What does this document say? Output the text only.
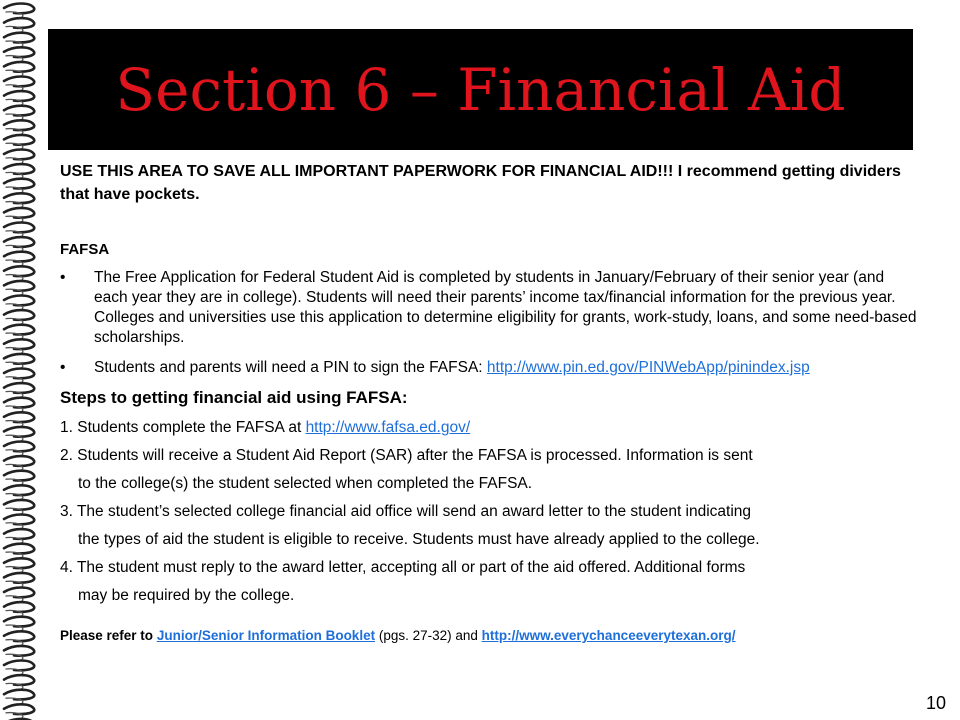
Section 6 – Financial Aid

USE THIS AREA TO SAVE ALL IMPORTANT PAPERWORK FOR FINANCIAL AID!!! I recommend getting dividers that have pockets.

FAFSA
• The Free Application for Federal Student Aid is completed by students in January/February of their senior year (and each year they are in college). Students will need their parents’ income tax/financial information for the previous year. Colleges and universities use this application to determine eligibility for grants, work-study, loans, and some need-based scholarships.
• Students and parents will need a PIN to sign the FAFSA: http://www.pin.ed.gov/PINWebApp/pinindex.jsp
Steps to getting financial aid using FAFSA:

1. Students complete the FAFSA at http://www.fafsa.ed.gov/

2. Students will receive a Student Aid Report (SAR) after the FAFSA is processed. Information is sent
to the college(s) the student selected when completed the FAFSA.

3. The student’s selected college financial aid office will send an award letter to the student indicating
the types of aid the student is eligible to receive. Students must have already applied to the college.

4. The student must reply to the award letter, accepting all or part of the aid offered. Additional forms
may be required by the college.

Please refer to Junior/Senior Information Booklet (pgs. 27-32) and http://www.everychanceeverytexan.org/
10
